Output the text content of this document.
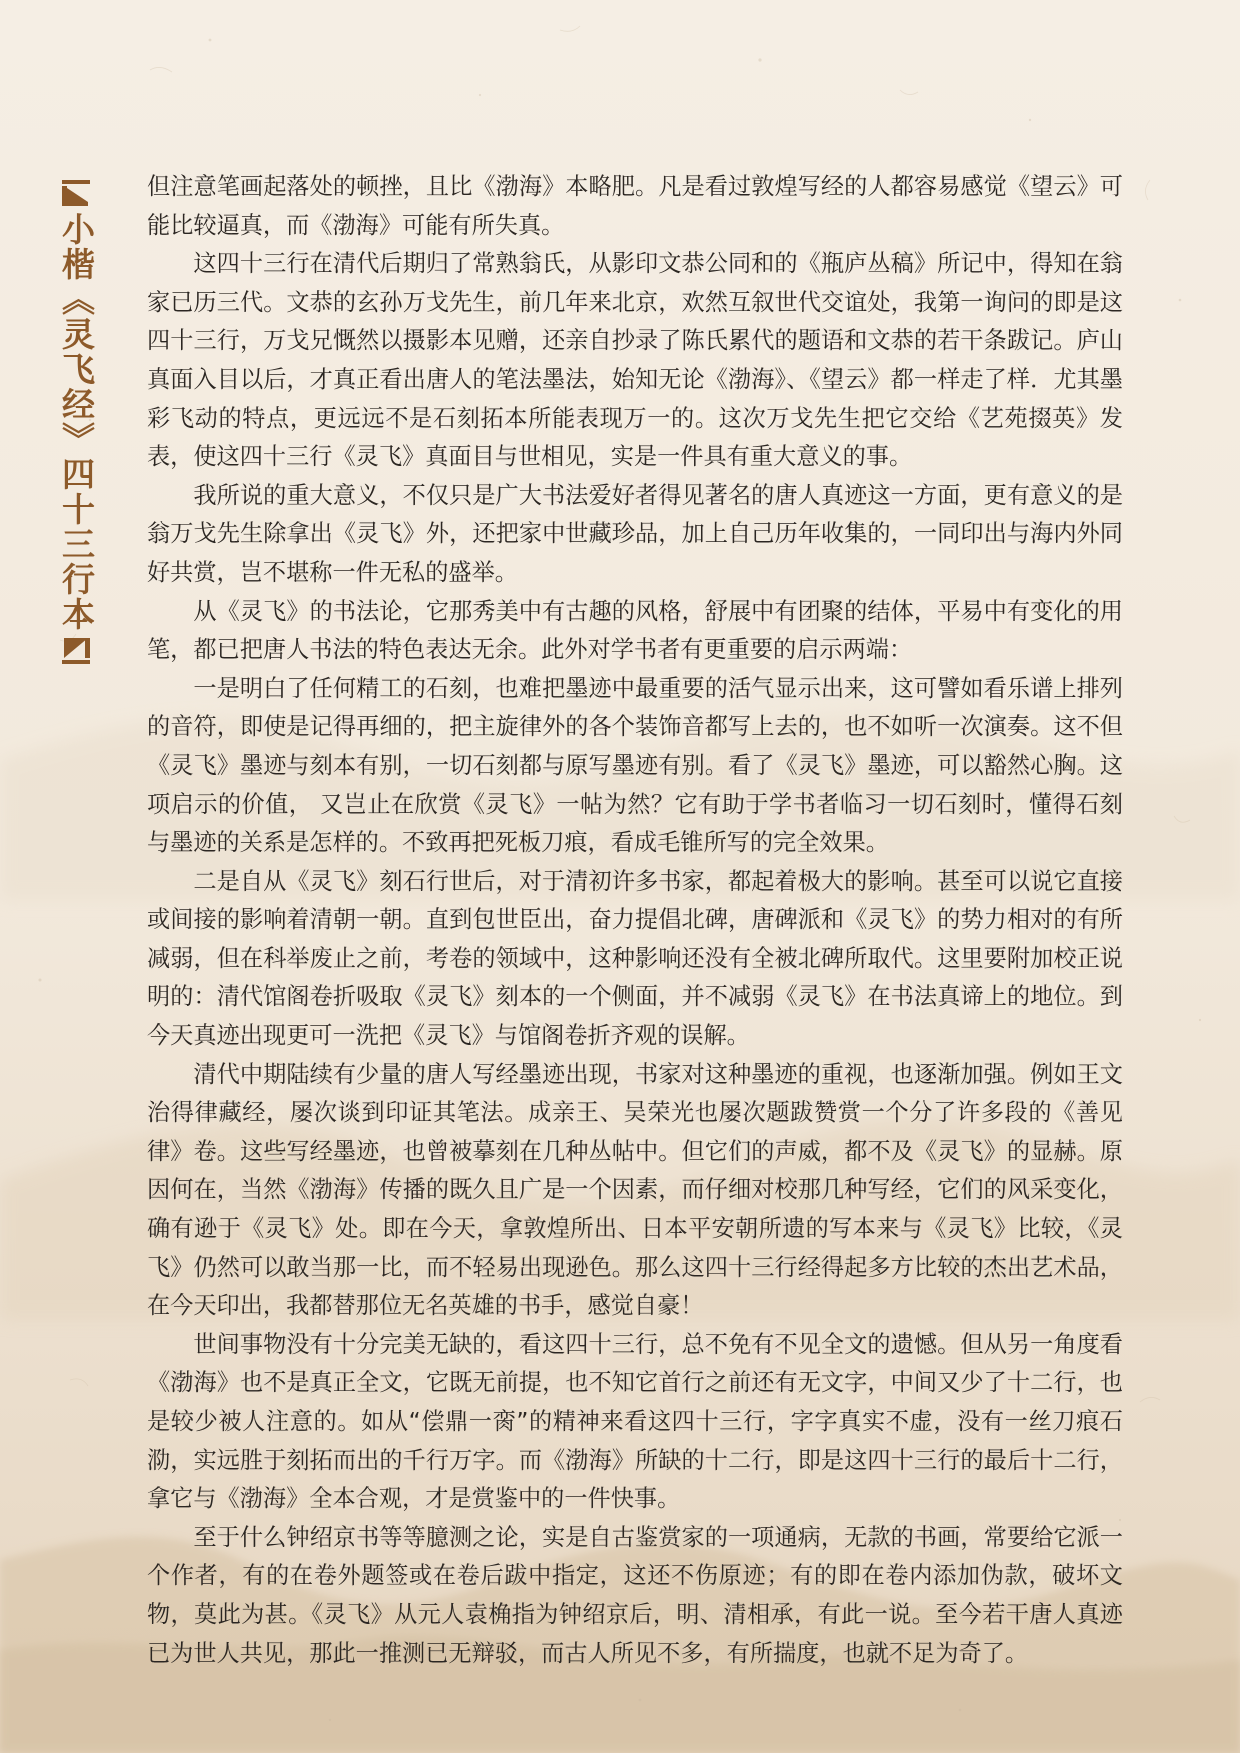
小楷《灵飞经》四十三行本

但注意笔画起落处的顿挫，且比《渤海》本略肥。凡是看过敦煌写经的人都容易感觉《望云》可能比较逼真，而《渤海》可能有所失真。

这四十三行在清代后期归了常熟翁氏，从影印文恭公同和的《瓶庐丛稿》所记中，得知在翁家已历三代。文恭的玄孙万戈先生，前几年来北京，欢然互叙世代交谊处，我第一询问的即是这四十三行，万戈兄慨然以摄影本见赠，还亲自抄录了陈氏累代的题语和文恭的若干条跋记。庐山真面入目以后，才真正看出唐人的笔法墨法，始知无论《渤海》、《望云》都一样走了样．尤其墨彩飞动的特点，更远远不是石刻拓本所能表现万一的。这次万戈先生把它交给《艺苑掇英》发表，使这四十三行《灵飞》真面目与世相见，实是一件具有重大意义的事。

我所说的重大意义，不仅只是广大书法爱好者得见著名的唐人真迹这一方面，更有意义的是翁万戈先生除拿出《灵飞》外，还把家中世藏珍品，加上自己历年收集的，一同印出与海内外同好共赏，岂不堪称一件无私的盛举。

从《灵飞》的书法论，它那秀美中有古趣的风格，舒展中有团聚的结体，平易中有变化的用笔，都已把唐人书法的特色表达无余。此外对学书者有更重要的启示两端：

一是明白了任何精工的石刻，也难把墨迹中最重要的活气显示出来，这可譬如看乐谱上排列的音符，即使是记得再细的，把主旋律外的各个装饰音都写上去的，也不如听一次演奏。这不但《灵飞》墨迹与刻本有别，一切石刻都与原写墨迹有别。看了《灵飞》墨迹，可以豁然心胸。这项启示的价值， 又岂止在欣赏《灵飞》一帖为然？它有助于学书者临习一切石刻时，懂得石刻与墨迹的关系是怎样的。不致再把死板刀痕，看成毛锥所写的完全效果。

二是自从《灵飞》刻石行世后，对于清初许多书家，都起着极大的影响。甚至可以说它直接或间接的影响着清朝一朝。直到包世臣出，奋力提倡北碑，唐碑派和《灵飞》的势力相对的有所减弱，但在科举废止之前，考卷的领域中，这种影响还没有全被北碑所取代。这里要附加校正说明的：清代馆阁卷折吸取《灵飞》刻本的一个侧面，并不减弱《灵飞》在书法真谛上的地位。到今天真迹出现更可一洗把《灵飞》与馆阁卷折齐观的误解。

清代中期陆续有少量的唐人写经墨迹出现，书家对这种墨迹的重视，也逐渐加强。例如王文治得律藏经，屡次谈到印证其笔法。成亲王、吴荣光也屡次题跋赞赏一个分了许多段的《善见律》卷。这些写经墨迹，也曾被摹刻在几种丛帖中。但它们的声威，都不及《灵飞》的显赫。原因何在，当然《渤海》传播的既久且广是一个因素，而仔细对校那几种写经，它们的风采变化，确有逊于《灵飞》处。即在今天，拿敦煌所出、日本平安朝所遗的写本来与《灵飞》比较，《灵飞》仍然可以敢当那一比，而不轻易出现逊色。那么这四十三行经得起多方比较的杰出艺术品，在今天印出，我都替那位无名英雄的书手，感觉自豪！

世间事物没有十分完美无缺的，看这四十三行，总不免有不见全文的遗憾。但从另一角度看《渤海》也不是真正全文，它既无前提，也不知它首行之前还有无文字，中间又少了十二行，也是较少被人注意的。如从“偿鼎一脔”的精神来看这四十三行，字字真实不虚，没有一丝刀痕石泐，实远胜于刻拓而出的千行万字。而《渤海》所缺的十二行，即是这四十三行的最后十二行，拿它与《渤海》全本合观，才是赏鉴中的一件快事。

至于什么钟绍京书等等臆测之论，实是自古鉴赏家的一项通病，无款的书画，常要给它派一个作者，有的在卷外题签或在卷后跋中指定，这还不伤原迹；有的即在卷内添加伪款，破坏文物，莫此为甚。《灵飞》从元人袁桷指为钟绍京后，明、清相承，有此一说。至今若干唐人真迹已为世人共见，那此一推测已无辩驳，而古人所见不多，有所揣度，也就不足为奇了。
